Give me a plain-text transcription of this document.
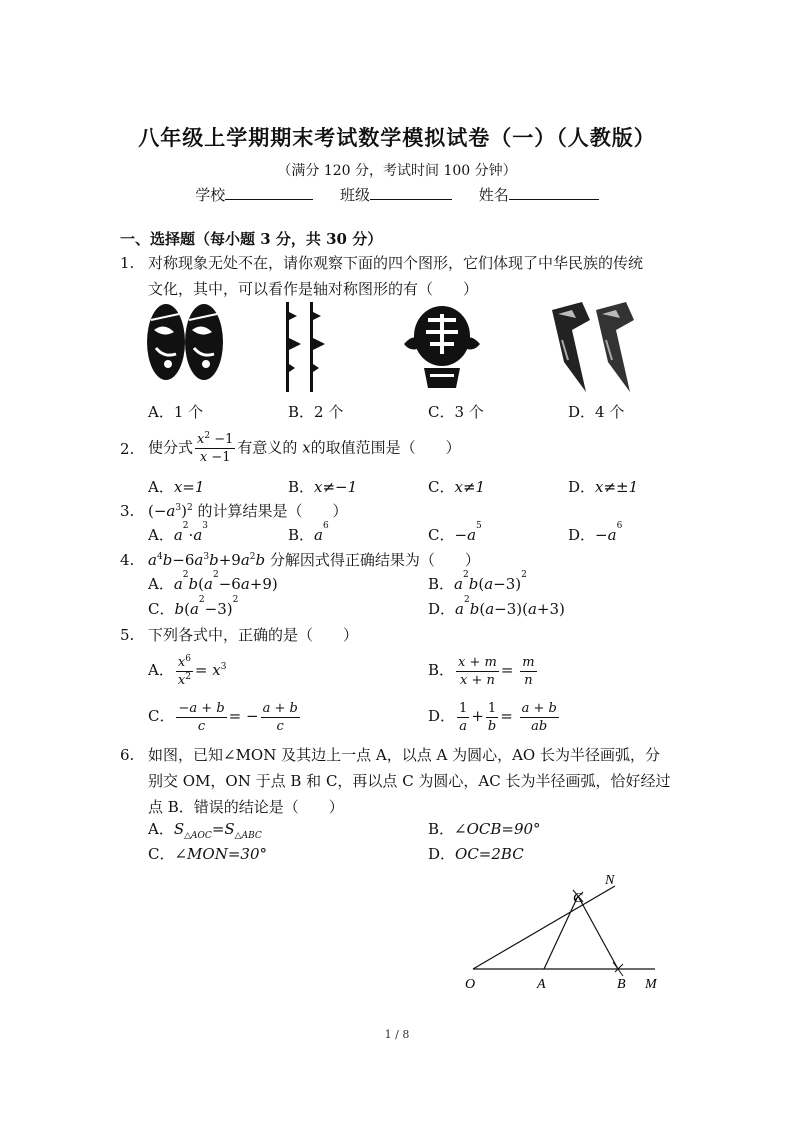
八年级上学期期末考试数学模拟试卷（一）（人教版）
（满分 120 分，考试时间 100 分钟）
学校	班级	姓名
一、选择题（每小题 3 分，共 30 分）
1. 对称现象无处不在，请你观察下面的四个图形，它们体现了中华民族的传统
文化，其中，可以看作是轴对称图形的有（　　）
A．1 个	B．2 个	C．3 个	D．4 个
2. 使分式 $\frac{x^2 -1}{x -1}$ 有意义的 x的取值范围是（　　）
A．x=1	B．x≠−1	C．x≠1	D．x≠±1
3. $(-a^3)^2$ 的计算结果是（　　）
A．$a^2\cdot a^3$	B．$a^6$	C．$-a^5$	D．$-a^6$
4. $a^4b-6a^3b+9a^2b$ 分解因式得正确结果为（　　）
A．$a^2b(a^2-6a+9)$	B．$a^2b(a-3)^2$
C．$b(a^2-3)^2$	D．$a^2b(a-3)(a+3)$
5. 下列各式中，正确的是（　　）
A． $\frac{x^6}{x^2} = x^3$	B． $\frac{x + m}{x + n} = \frac{m}{n}$
C． $\frac{-a + b}{c}$ = − $\frac{a + b}{c}$	D． $\frac{1}{a} + \frac{1}{b} = \frac{a + b}{ab}$
6. 如图，已知∠MON 及其边上一点 A，以点 A 为圆心，AO 长为半径画弧，分
别交 OM，ON 于点 B 和 C，再以点 C 为圆心，AC 长为半径画弧，恰好经过
点 B．错误的结论是（　　）
A．$S_{\triangle AOC}=S_{\triangle ABC}$	B．∠OCB=90°
C．∠MON=30°	D．OC=2BC
O	A	B M
N
C
1 / 8
